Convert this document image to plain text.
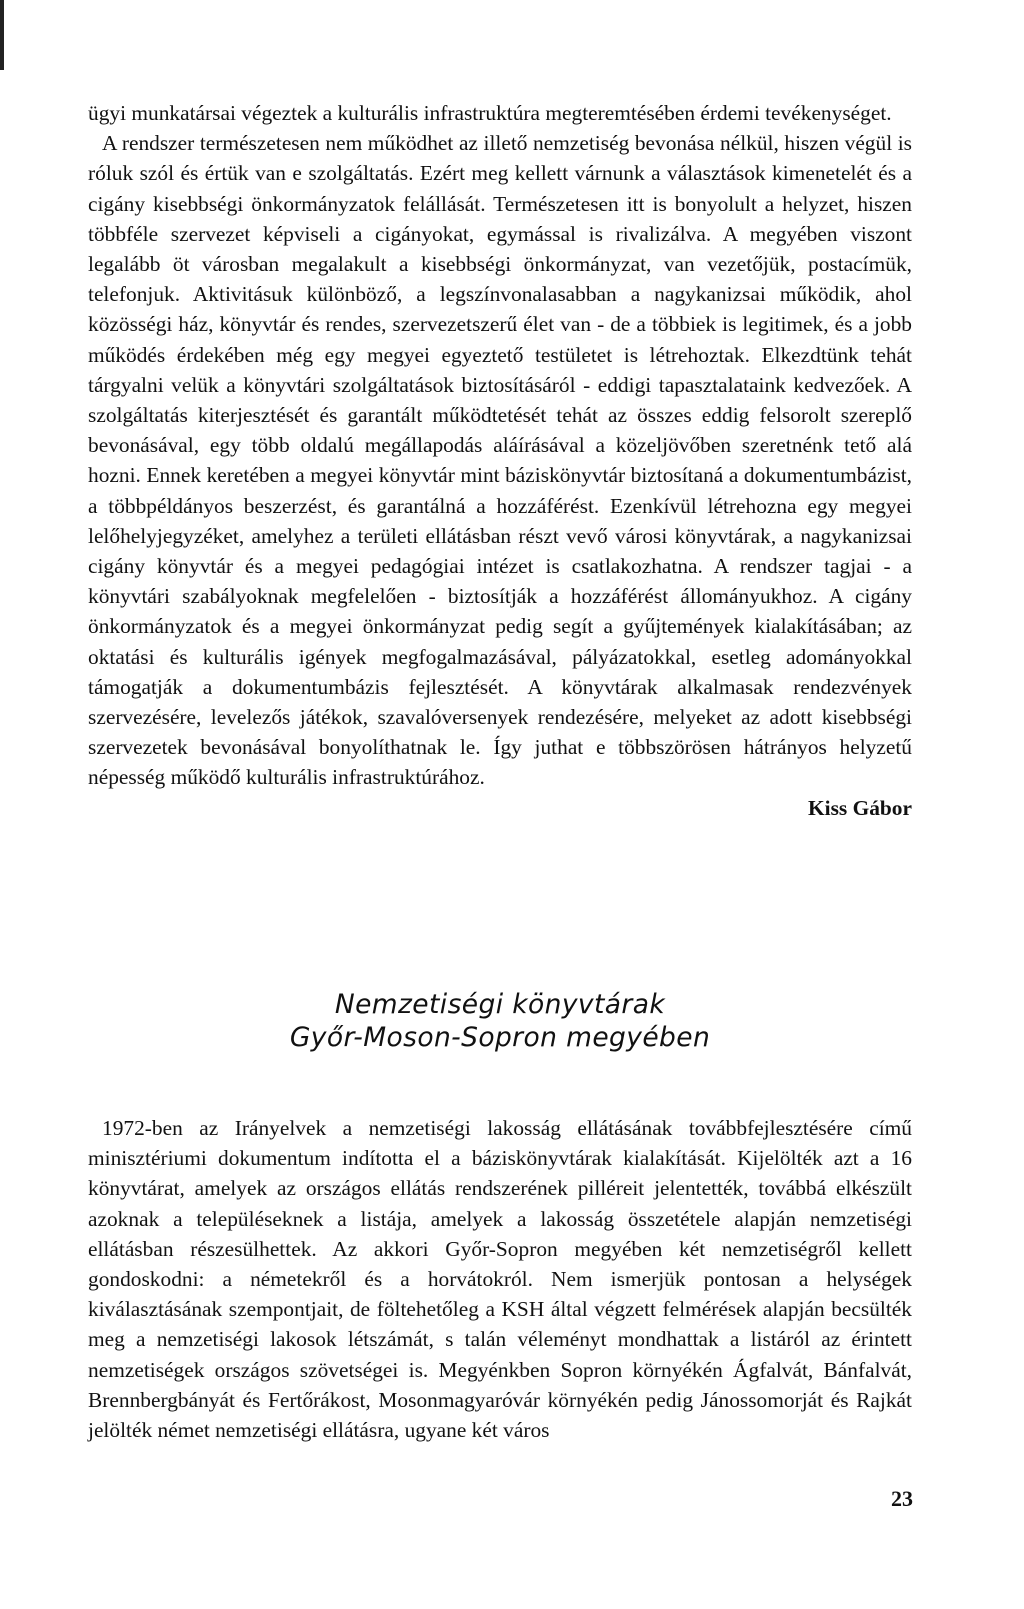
ügyi munkatársai végeztek a kulturális infrastruktúra megteremtésében érdemi tevékenységet.

A rendszer természetesen nem működhet az illető nemzetiség bevonása nélkül, hiszen végül is róluk szól és értük van e szolgáltatás. Ezért meg kellett várnunk a választások kimenetelét és a cigány kisebbségi önkormányzatok felállását. Természetesen itt is bonyolult a helyzet, hiszen többféle szervezet képviseli a cigányokat, egymással is rivalizálva. A megyében viszont legalább öt városban megalakult a kisebbségi önkormányzat, van vezetőjük, postacímük, telefonjuk. Aktivitásuk különböző, a legszínvonalasabban a nagykanizsai működik, ahol közösségi ház, könyvtár és rendes, szervezetszerű élet van - de a többiek is legitimek, és a jobb működés érdekében még egy megyei egyeztető testületet is létrehoztak. Elkezdtünk tehát tárgyalni velük a könyvtári szolgáltatások biztosításáról - eddigi tapasztalataink kedvezőek. A szolgáltatás kiterjesztését és garantált működtetését tehát az összes eddig felsorolt szereplő bevonásával, egy több oldalú megállapodás aláírásával a közeljövőben szeretnénk tető alá hozni. Ennek keretében a megyei könyvtár mint báziskönyvtár biztosítaná a dokumentumbázist, a többpéldányos beszerzést, és garantálná a hozzáférést. Ezenkívül létrehozna egy megyei lelőhelyjegyzéket, amelyhez a területi ellátásban részt vevő városi könyvtárak, a nagykanizsai cigány könyvtár és a megyei pedagógiai intézet is csatlakozhatna. A rendszer tagjai - a könyvtári szabályoknak megfelelően - biztosítják a hozzáférést állományukhoz. A cigány önkormányzatok és a megyei önkormányzat pedig segít a gyűjtemények kialakításában; az oktatási és kulturális igények megfogalmazásával, pályázatokkal, esetleg adományokkal támogatják a dokumentumbázis fejlesztését. A könyvtárak alkalmasak rendezvények szervezésére, levelezős játékok, szavalóversenyek rendezésére, melyeket az adott kisebbségi szervezetek bevonásával bonyolíthatnak le. Így juthat e többszörösen hátrányos helyzetű népesség működő kulturális infrastruktúrához.

Kiss Gábor

Nemzetiségi könyvtárak
Győr-Moson-Sopron megyében

1972-ben az Irányelvek a nemzetiségi lakosság ellátásának továbbfejlesztésére című minisztériumi dokumentum indította el a báziskönyvtárak kialakítását. Kijelölték azt a 16 könyvtárat, amelyek az országos ellátás rendszerének pilléreit jelentették, továbbá elkészült azoknak a településeknek a listája, amelyek a lakosság összetétele alapján nemzetiségi ellátásban részesülhettek. Az akkori Győr-Sopron megyében két nemzetiségről kellett gondoskodni: a németekről és a horvátokról. Nem ismerjük pontosan a helységek kiválasztásának szempontjait, de föltehetőleg a KSH által végzett felmérések alapján becsülték meg a nemzetiségi lakosok létszámát, s talán véleményt mondhattak a listáról az érintett nemzetiségek országos szövetségei is. Megyénkben Sopron környékén Ágfalvát, Bánfalvát, Brennbergbányát és Fertőrákost, Mosonmagyaróvár környékén pedig Jánossomorját és Rajkát jelölték német nemzetiségi ellátásra, ugyane két város

23
